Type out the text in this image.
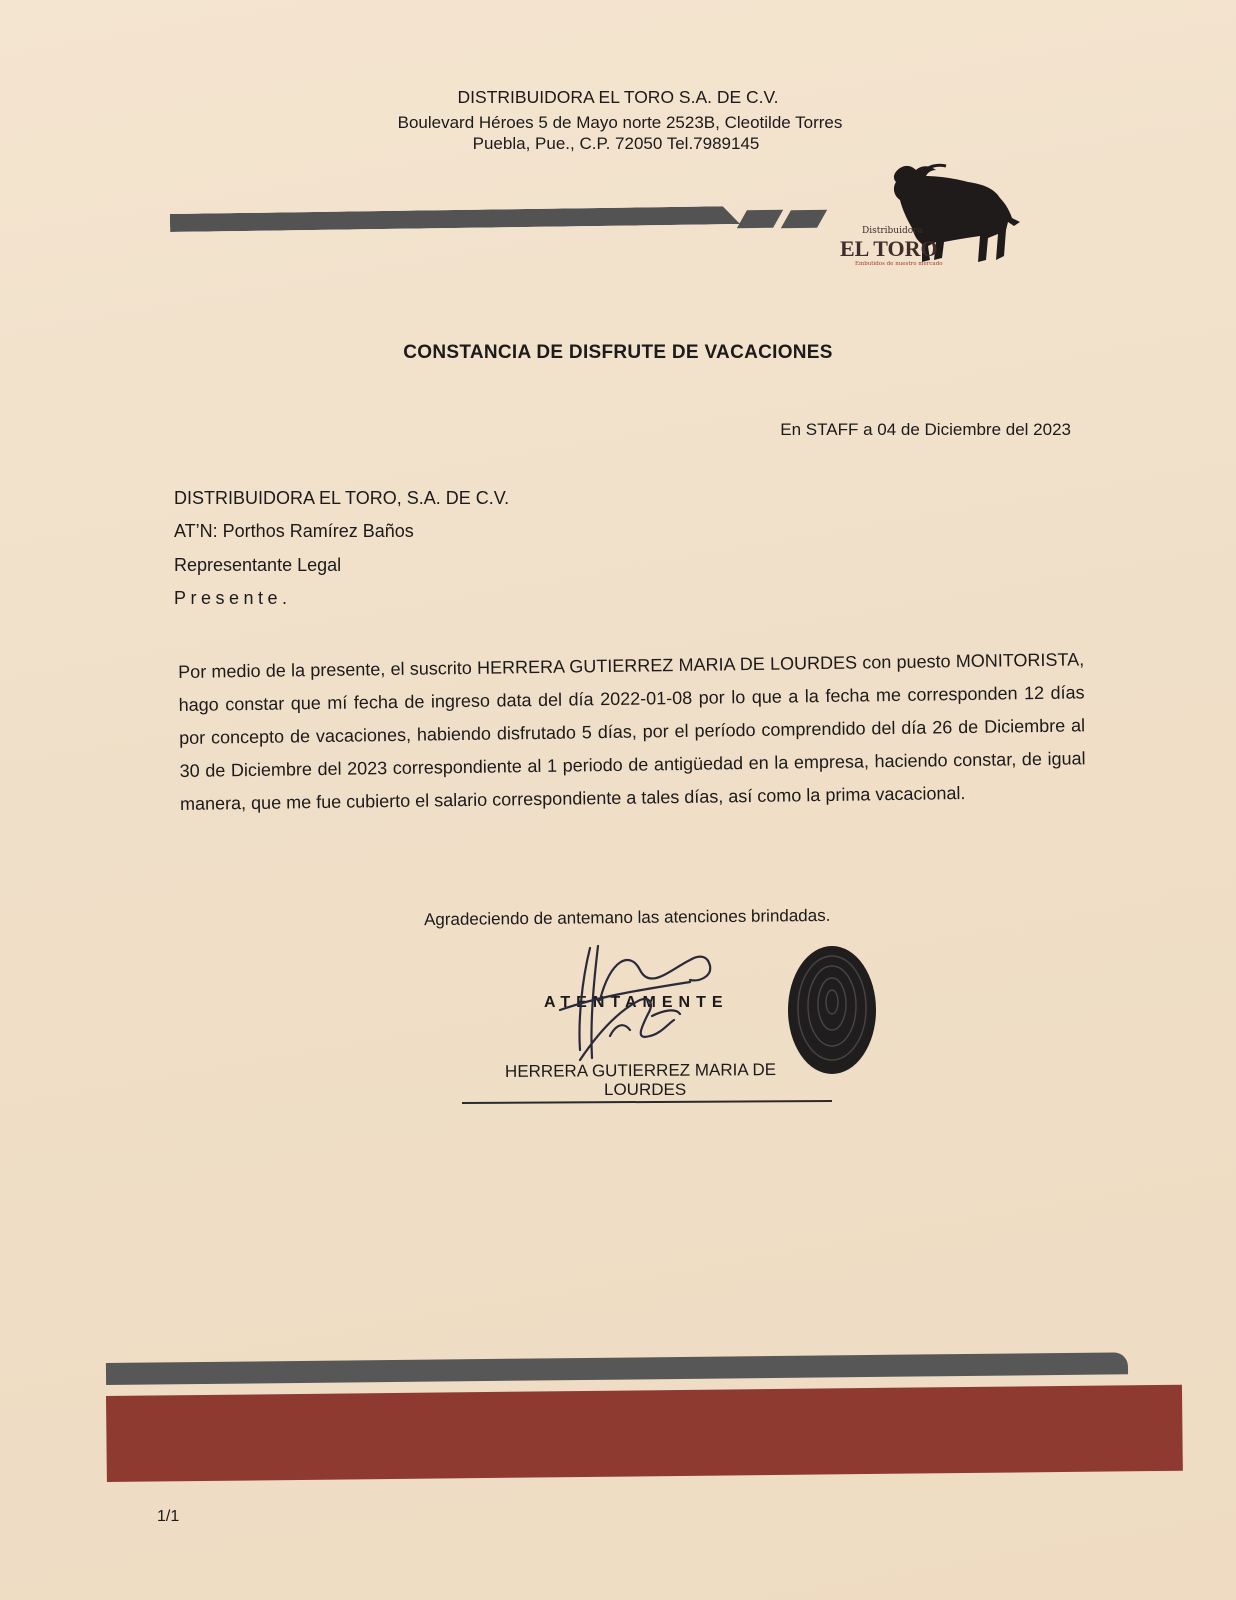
DISTRIBUIDORA EL TORO S.A. DE C.V.
Boulevard Héroes 5 de Mayo norte 2523B, Cleotilde Torres
Puebla, Pue., C.P. 72050 Tel.7989145
Distribuidora
EL TORO
Embutidos de nuestro mercado
CONSTANCIA DE DISFRUTE DE VACACIONES
En STAFF a 04 de Diciembre del 2023
DISTRIBUIDORA EL TORO, S.A. DE C.V.
AT’N: Porthos Ramírez Baños
Representante Legal
Presente.
Por medio de la presente, el suscrito HERRERA GUTIERREZ MARIA DE LOURDES con puesto MONITORISTA, hago constar que mí fecha de ingreso data del día 2022-01-08 por lo que a la fecha me corresponden 12 días por concepto de vacaciones, habiendo disfrutado 5 días, por el período comprendido del día 26 de Diciembre al 30 de Diciembre del 2023 correspondiente al 1 periodo de antigüedad en la empresa, haciendo constar, de igual manera, que me fue cubierto el salario correspondiente a tales días, así como la prima vacacional.
Agradeciendo de antemano las atenciones brindadas.
ATENTAMENTE
HERRERA GUTIERREZ MARIA DE
LOURDES
1/1
